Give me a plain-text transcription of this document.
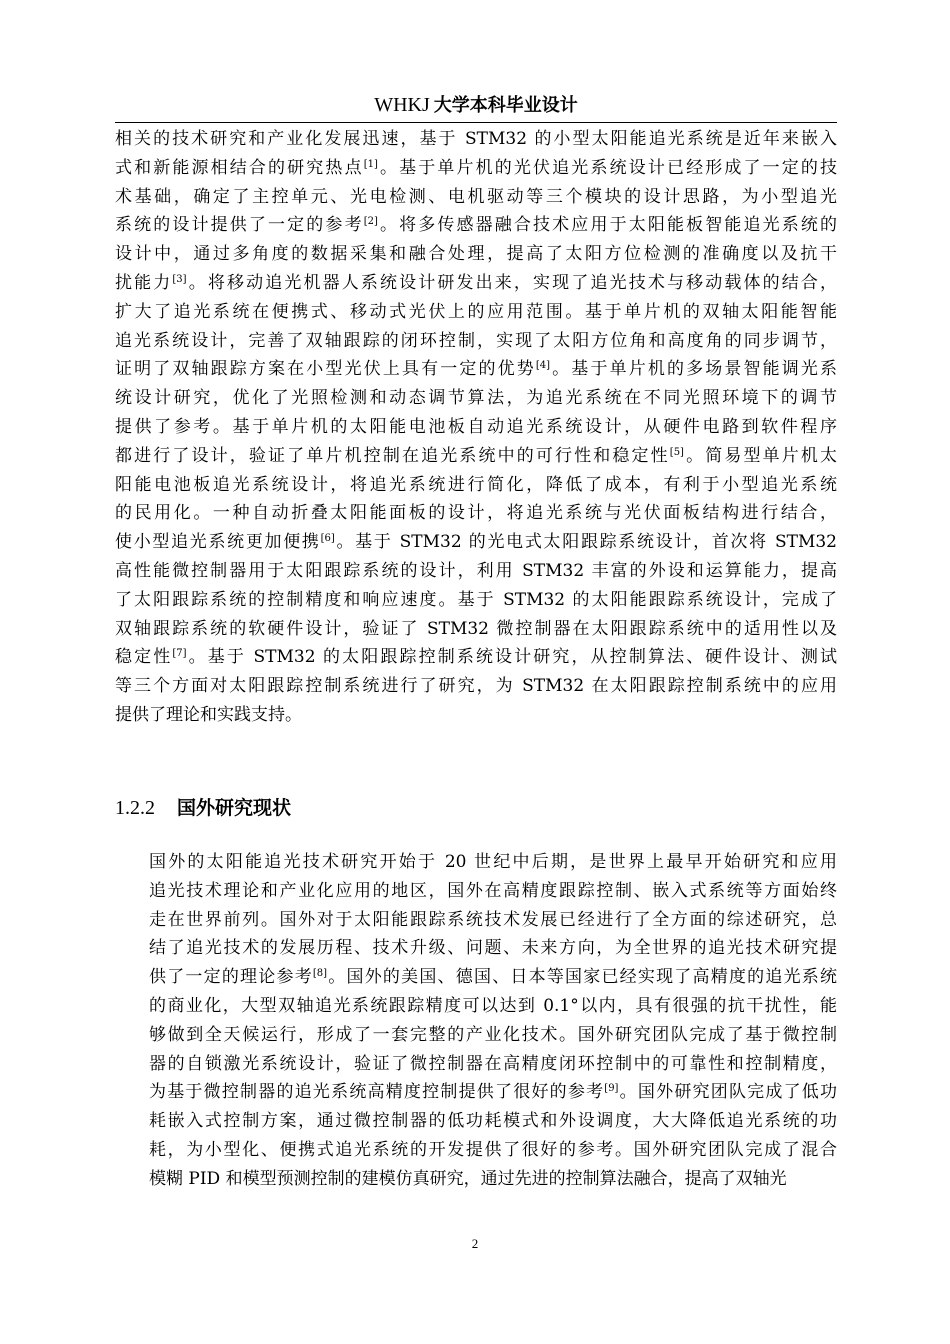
WHKJ 大学本科毕业设计
相关的技术研究和产业化发展迅速，基于 STM32 的小型太阳能追光系统是近年来嵌入
式和新能源相结合的研究热点[1]。基于单片机的光伏追光系统设计已经形成了一定的技
术基础，确定了主控单元、光电检测、电机驱动等三个模块的设计思路，为小型追光
系统的设计提供了一定的参考[2]。将多传感器融合技术应用于太阳能板智能追光系统的
设计中，通过多角度的数据采集和融合处理，提高了太阳方位检测的准确度以及抗干
扰能力[3]。将移动追光机器人系统设计研发出来，实现了追光技术与移动载体的结合，
扩大了追光系统在便携式、移动式光伏上的应用范围。基于单片机的双轴太阳能智能
追光系统设计，完善了双轴跟踪的闭环控制，实现了太阳方位角和高度角的同步调节，
证明了双轴跟踪方案在小型光伏上具有一定的优势[4]。基于单片机的多场景智能调光系
统设计研究，优化了光照检测和动态调节算法，为追光系统在不同光照环境下的调节
提供了参考。基于单片机的太阳能电池板自动追光系统设计，从硬件电路到软件程序
都进行了设计，验证了单片机控制在追光系统中的可行性和稳定性[5]。简易型单片机太
阳能电池板追光系统设计，将追光系统进行简化，降低了成本，有利于小型追光系统
的民用化。一种自动折叠太阳能面板的设计，将追光系统与光伏面板结构进行结合，
使小型追光系统更加便携[6]。基于 STM32 的光电式太阳跟踪系统设计，首次将 STM32
高性能微控制器用于太阳跟踪系统的设计，利用 STM32 丰富的外设和运算能力，提高
了太阳跟踪系统的控制精度和响应速度。基于 STM32 的太阳能跟踪系统设计，完成了
双轴跟踪系统的软硬件设计，验证了 STM32 微控制器在太阳跟踪系统中的适用性以及
稳定性[7]。基于 STM32 的太阳跟踪控制系统设计研究，从控制算法、硬件设计、测试
等三个方面对太阳跟踪控制系统进行了研究，为 STM32 在太阳跟踪控制系统中的应用
提供了理论和实践支持。
1.2.2 国外研究现状
国外的太阳能追光技术研究开始于 20 世纪中后期，是世界上最早开始研究和应用
追光技术理论和产业化应用的地区，国外在高精度跟踪控制、嵌入式系统等方面始终
走在世界前列。国外对于太阳能跟踪系统技术发展已经进行了全方面的综述研究，总
结了追光技术的发展历程、技术升级、问题、未来方向，为全世界的追光技术研究提
供了一定的理论参考[8]。国外的美国、德国、日本等国家已经实现了高精度的追光系统
的商业化，大型双轴追光系统跟踪精度可以达到 0.1°以内，具有很强的抗干扰性，能
够做到全天候运行，形成了一套完整的产业化技术。国外研究团队完成了基于微控制
器的自锁激光系统设计，验证了微控制器在高精度闭环控制中的可靠性和控制精度，
为基于微控制器的追光系统高精度控制提供了很好的参考[9]。国外研究团队完成了低功
耗嵌入式控制方案，通过微控制器的低功耗模式和外设调度，大大降低追光系统的功
耗，为小型化、便携式追光系统的开发提供了很好的参考。国外研究团队完成了混合
模糊 PID 和模型预测控制的建模仿真研究，通过先进的控制算法融合，提高了双轴光
2
